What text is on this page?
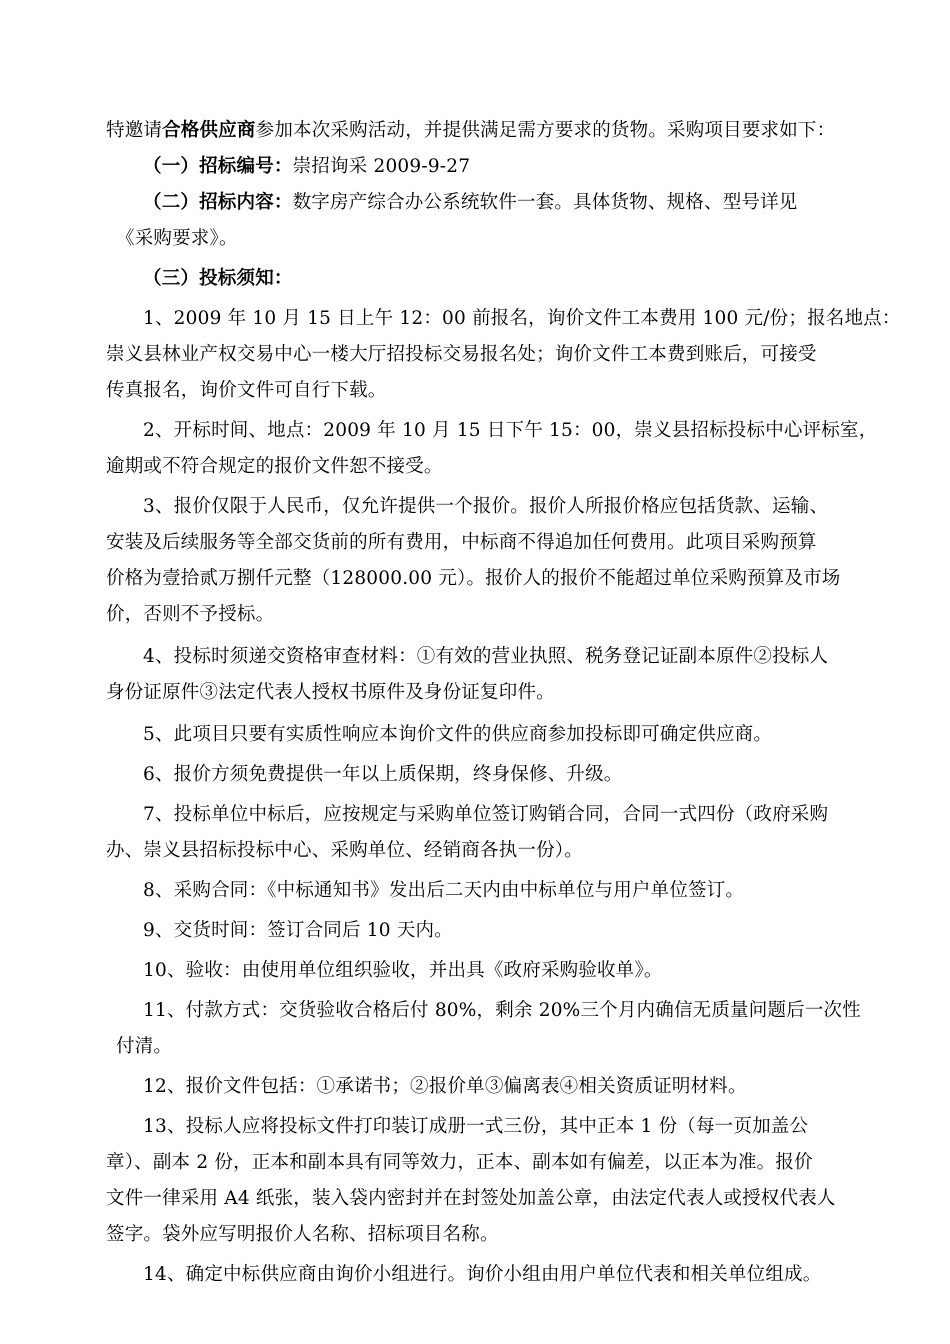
特邀请合格供应商参加本次采购活动，并提供满足需方要求的货物。采购项目要求如下：
（一）招标编号：崇招询采 2009-9-27
（二）招标内容：数字房产综合办公系统软件一套。具体货物、规格、型号详见
《采购要求》。
（三）投标须知：
1、2009 年 10 月 15 日上午 12：00 前报名，询价文件工本费用 100 元/份；报名地点：
崇义县林业产权交易中心一楼大厅招投标交易报名处；询价文件工本费到账后，可接受
传真报名，询价文件可自行下载。
2、开标时间、地点：2009 年 10 月 15 日下午 15：00，崇义县招标投标中心评标室，
逾期或不符合规定的报价文件恕不接受。
3、报价仅限于人民币，仅允许提供一个报价。报价人所报价格应包括货款、运输、
安装及后续服务等全部交货前的所有费用，中标商不得追加任何费用。此项目采购预算
价格为壹拾贰万捌仟元整（128000.00 元）。报价人的报价不能超过单位采购预算及市场
价，否则不予授标。
4、投标时须递交资格审查材料：①有效的营业执照、税务登记证副本原件②投标人
身份证原件③法定代表人授权书原件及身份证复印件。
5、此项目只要有实质性响应本询价文件的供应商参加投标即可确定供应商。
6、报价方须免费提供一年以上质保期，终身保修、升级。
7、投标单位中标后，应按规定与采购单位签订购销合同，合同一式四份（政府采购
办、崇义县招标投标中心、采购单位、经销商各执一份）。
8、采购合同：《中标通知书》发出后二天内由中标单位与用户单位签订。
9、交货时间：签订合同后 10 天内。
10、验收：由使用单位组织验收，并出具《政府采购验收单》。
11、付款方式：交货验收合格后付 80%，剩余 20%三个月内确信无质量问题后一次性
付清。
12、报价文件包括：①承诺书；②报价单③偏离表④相关资质证明材料。
13、投标人应将投标文件打印装订成册一式三份，其中正本 1 份（每一页加盖公
章）、副本 2 份，正本和副本具有同等效力，正本、副本如有偏差，以正本为准。报价
文件一律采用 A4 纸张，装入袋内密封并在封签处加盖公章，由法定代表人或授权代表人
签字。袋外应写明报价人名称、招标项目名称。
14、确定中标供应商由询价小组进行。询价小组由用户单位代表和相关单位组成。
